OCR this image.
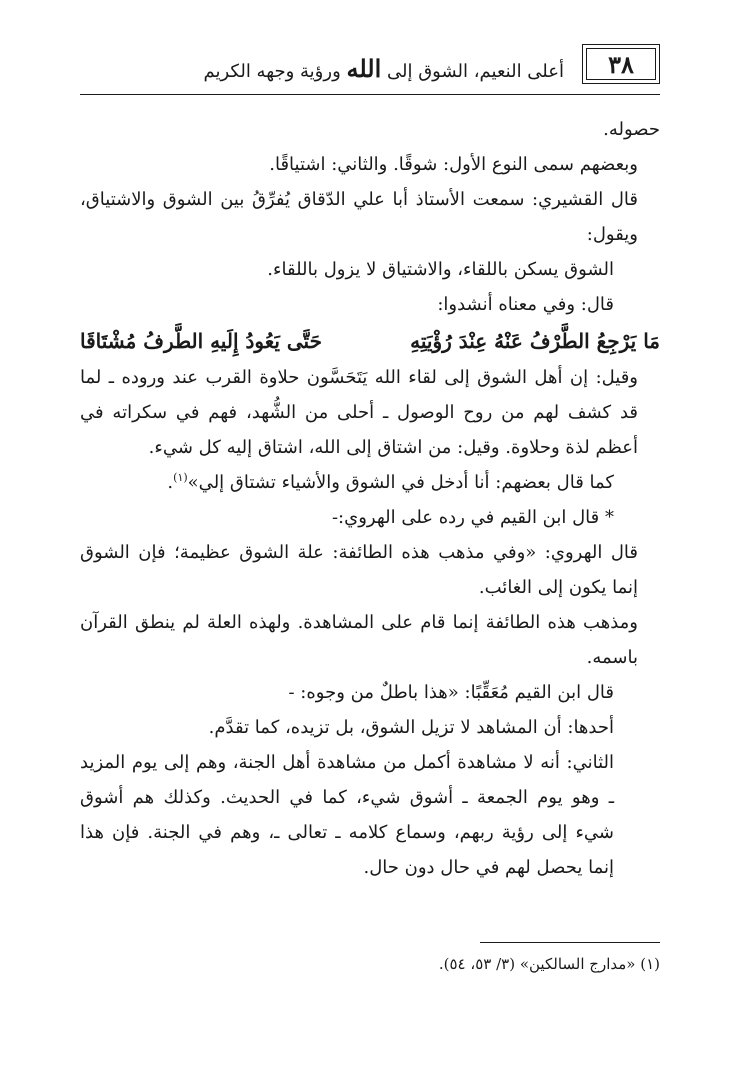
٣٨
أعلى النعيم، الشوق إلى الله ورؤية وجهه الكريم

حصوله.

وبعضهم سمى النوع الأول: شوقًا. والثاني: اشتياقًا.

قال القشيري: سمعت الأستاذ أبا علي الدّقاق يُفرِّقُ بين الشوق والاشتياق، ويقول:

الشوق يسكن باللقاء، والاشتياق لا يزول باللقاء.

قال: وفي معناه أنشدوا:

مَا يَرْجِعُ الطَّرْفُ عَنْهُ عِنْدَ رُؤْيَتِهِ
حَتَّى يَعُودُ إِلَيهِ الطَّرفُ مُشْتَاقَا

وقيل: إن أهل الشوق إلى لقاء الله يَتَحَسَّون حلاوة القرب عند وروده ـ لما قد كشف لهم من روح الوصول ـ أحلى من الشُّهد، فهم في سكراته في أعظم لذة وحلاوة. وقيل: من اشتاق إلى الله، اشتاق إليه كل شيء.

كما قال بعضهم: أنا أدخل في الشوق والأشياء تشتاق إلي»$^{(١)}$.

* قال ابن القيم في رده على الهروي:-

قال الهروي: «وفي مذهب هذه الطائفة: علة الشوق عظيمة؛ فإن الشوق إنما يكون إلى الغائب.

ومذهب هذه الطائفة إنما قام على المشاهدة. ولهذه العلة لم ينطق القرآن باسمه.

قال ابن القيم مُعَقِّبًا: «هذا باطلٌ من وجوه: -

أحدها: أن المشاهد لا تزيل الشوق، بل تزيده، كما تقدَّم.

الثاني: أنه لا مشاهدة أكمل من مشاهدة أهل الجنة، وهم إلى يوم المزيد ـ وهو يوم الجمعة ـ أشوق شيء، كما في الحديث. وكذلك هم أشوق شيء إلى رؤية ربهم، وسماع كلامه ـ تعالى ـ، وهم في الجنة. فإن هذا إنما يحصل لهم في حال دون حال.

(١) «مدارج السالكين» (٣/ ٥٣، ٥٤).
